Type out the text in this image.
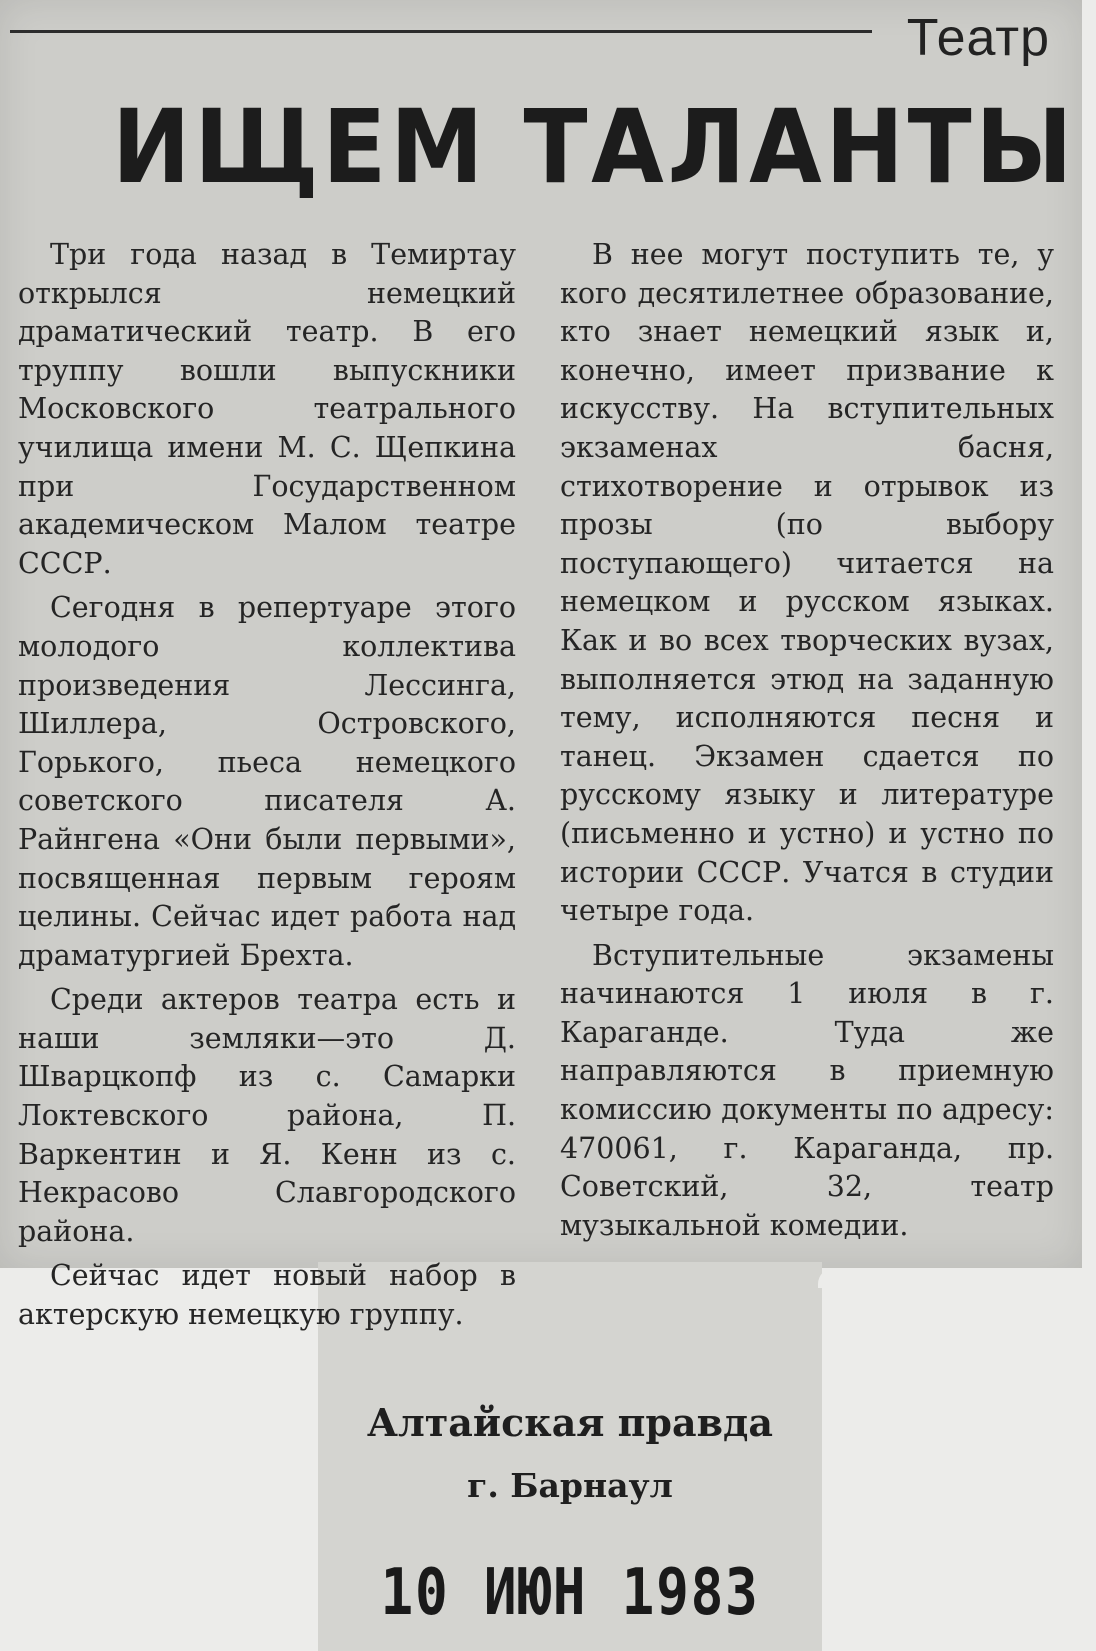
Театр
ИЩЕМ ТАЛАНТЫ

Три года назад в Темиртау открылся немецкий драматический театр. В его труппу вошли выпускники Московского театрального училища имени М. С. Щепкина при Государственном академическом Малом театре СССР.

Сегодня в репертуаре этого молодого коллектива произведения Лессинга, Шиллера, Островского, Горького, пьеса немецкого советского писателя А. Райнгена «Они были первыми», посвященная первым героям целины. Сейчас идет работа над драматургией Брехта.

Среди актеров театра есть и наши земляки—это Д. Шварцкопф из с. Самарки Локтевского района, П. Варкентин и Я. Кенн из с. Некрасово Славгородского района.

Сейчас идет новый набор в актерскую немецкую группу.

В нее могут поступить те, у кого десятилетнее образование, кто знает немецкий язык и, конечно, имеет призвание к искусству. На вступительных экзаменах басня, стихотворение и отрывок из прозы (по выбору поступающего) читается на немецком и русском языках. Как и во всех творческих вузах, выполняется этюд на заданную тему, исполняются песня и танец. Экзамен сдается по русскому языку и литературе (письменно и устно) и устно по истории СССР. Учатся в студии четыре года.

Вступительные экзамены начинаются 1 июля в г. Караганде. Туда же направляются в приемную комиссию документы по адресу: 470061, г. Караганда, пр. Советский, 32, театр музыкальной комедии.

Алтайская правда
г. Барнаул
10 ИЮН 1983
